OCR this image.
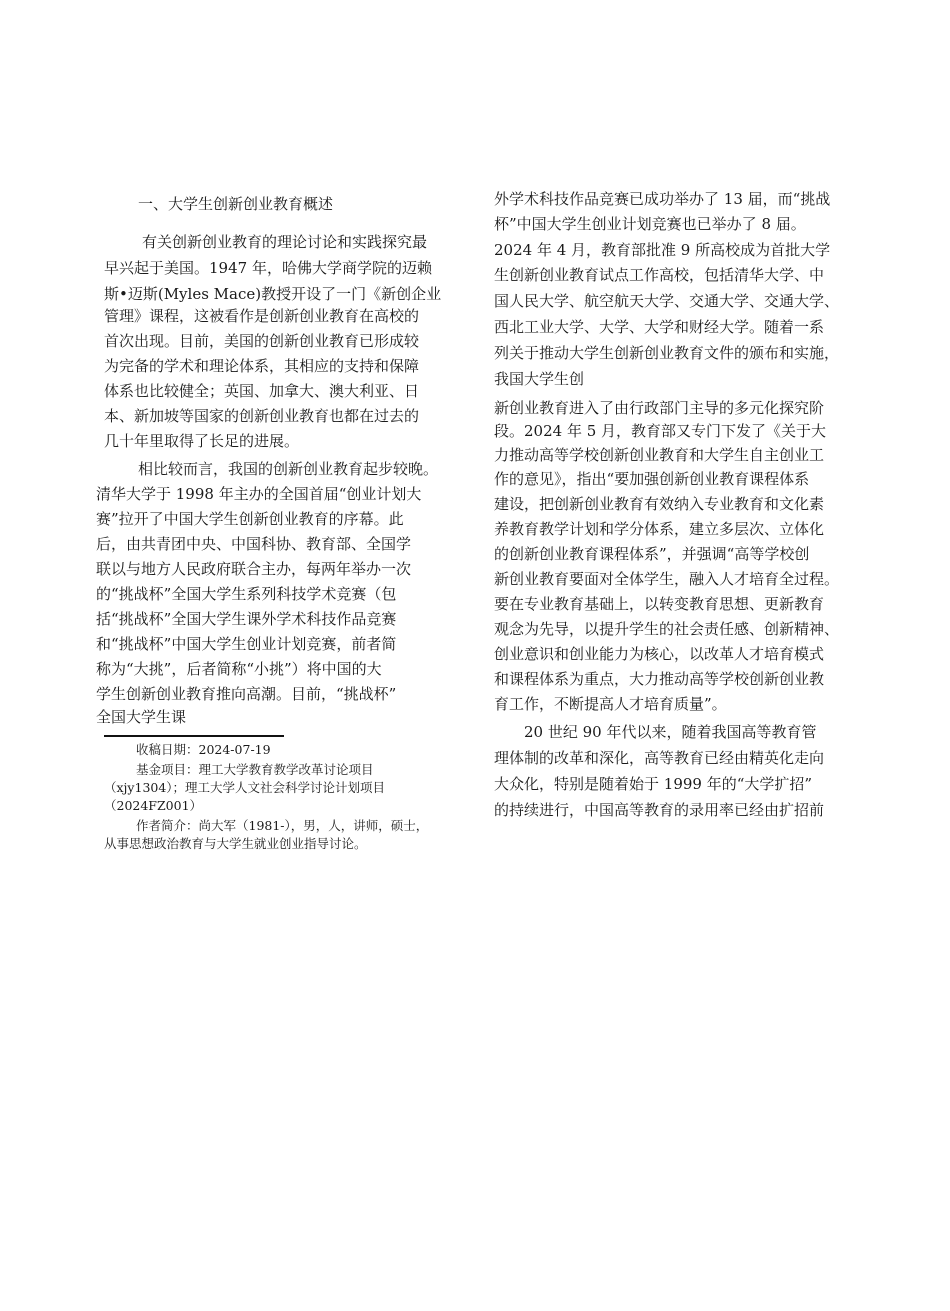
一、大学生创新创业教育概述
有关创新创业教育的理论讨论和实践探究最
早兴起于美国。1947 年，哈佛大学商学院的迈赖
斯•迈斯(Myles Mace)教授开设了一门《新创企业
管理》课程，这被看作是创新创业教育在高校的
首次出现。目前，美国的创新创业教育已形成较
为完备的学术和理论体系，其相应的支持和保障
体系也比较健全；英国、加拿大、澳大利亚、日
本、新加坡等国家的创新创业教育也都在过去的
几十年里取得了长足的进展。
相比较而言，我国的创新创业教育起步较晚。
清华大学于 1998 年主办的全国首届“创业计划大
赛”拉开了中国大学生创新创业教育的序幕。此
后，由共青团中央、中国科协、教育部、全国学
联以与地方人民政府联合主办，每两年举办一次
的“挑战杯”全国大学生系列科技学术竞赛（包
括“挑战杯”全国大学生课外学术科技作品竞赛
和“挑战杯”中国大学生创业计划竞赛，前者简
称为“大挑”，后者简称“小挑”）将中国的大
学生创新创业教育推向高潮。目前，“挑战杯”
全国大学生课
收稿日期：2024-07-19
基金项目：理工大学教育教学改革讨论项目
（xjy1304）；理工大学人文社会科学讨论计划项目
（2024FZ001）
作者简介：尚大军（1981-），男，人，讲师，硕士，
从事思想政治教育与大学生就业创业指导讨论。
外学术科技作品竞赛已成功举办了 13 届，而“挑战
杯”中国大学生创业计划竞赛也已举办了 8 届。
2024 年 4 月，教育部批准 9 所高校成为首批大学
生创新创业教育试点工作高校，包括清华大学、中
国人民大学、航空航天大学、交通大学、交通大学、
西北工业大学、大学、大学和财经大学。随着一系
列关于推动大学生创新创业教育文件的颁布和实施，
我国大学生创
新创业教育进入了由行政部门主导的多元化探究阶
段。2024 年 5 月，教育部又专门下发了《关于大
力推动高等学校创新创业教育和大学生自主创业工
作的意见》，指出“要加强创新创业教育课程体系
建设，把创新创业教育有效纳入专业教育和文化素
养教育教学计划和学分体系，建立多层次、立体化
的创新创业教育课程体系”，并强调“高等学校创
新创业教育要面对全体学生，融入人才培育全过程。
要在专业教育基础上，以转变教育思想、更新教育
观念为先导，以提升学生的社会责任感、创新精神、
创业意识和创业能力为核心，以改革人才培育模式
和课程体系为重点，大力推动高等学校创新创业教
育工作，不断提高人才培育质量”。
20 世纪 90 年代以来，随着我国高等教育管
理体制的改革和深化，高等教育已经由精英化走向
大众化，特别是随着始于 1999 年的“大学扩招”
的持续进行，中国高等教育的录用率已经由扩招前
